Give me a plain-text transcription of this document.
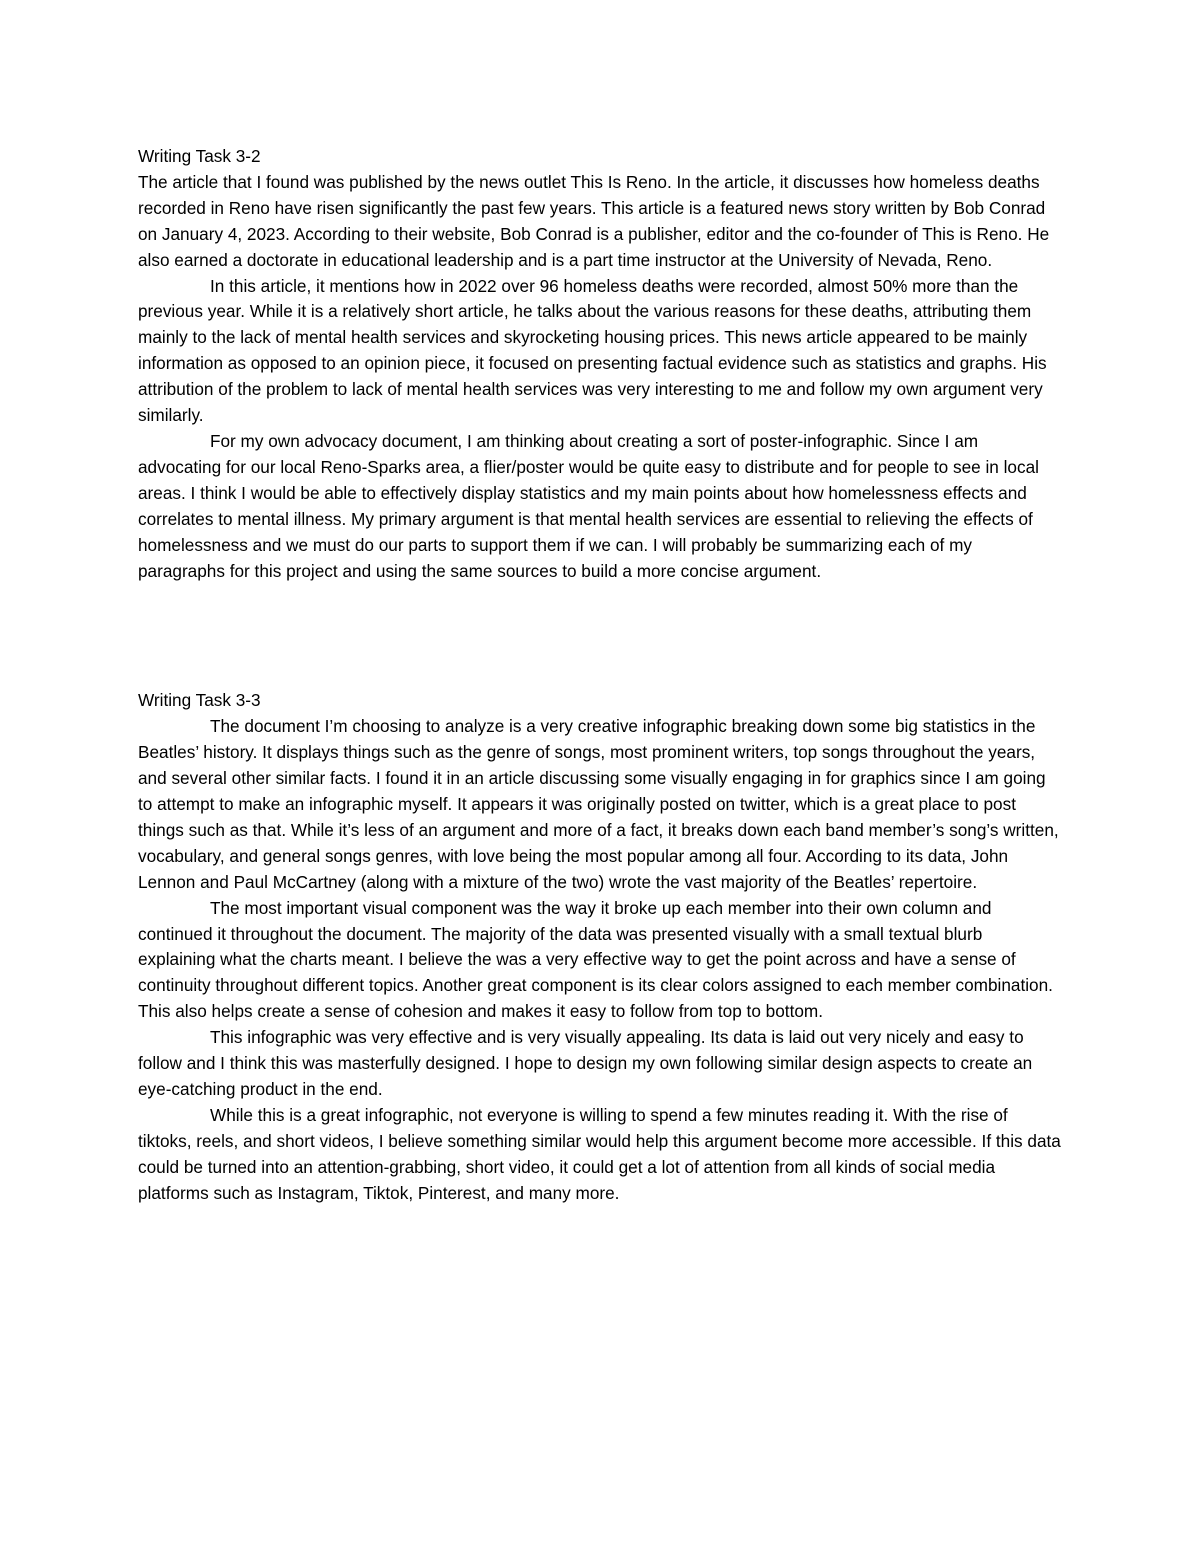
Writing Task 3-2

The article that I found was published by the news outlet This Is Reno. In the article, it discusses how homeless deaths recorded in Reno have risen significantly the past few years. This article is a featured news story written by Bob Conrad on January 4, 2023. According to their website, Bob Conrad is a publisher, editor and the co-founder of This is Reno. He also earned a doctorate in educational leadership and is a part time instructor at the University of Nevada, Reno.

In this article, it mentions how in 2022 over 96 homeless deaths were recorded, almost 50% more than the previous year. While it is a relatively short article, he talks about the various reasons for these deaths, attributing them mainly to the lack of mental health services and skyrocketing housing prices. This news article appeared to be mainly information as opposed to an opinion piece, it focused on presenting factual evidence such as statistics and graphs. His attribution of the problem to lack of mental health services was very interesting to me and follow my own argument very similarly.

For my own advocacy document, I am thinking about creating a sort of poster-infographic. Since I am advocating for our local Reno-Sparks area, a flier/poster would be quite easy to distribute and for people to see in local areas. I think I would be able to effectively display statistics and my main points about how homelessness effects and correlates to mental illness. My primary argument is that mental health services are essential to relieving the effects of homelessness and we must do our parts to support them if we can. I will probably be summarizing each of my paragraphs for this project and using the same sources to build a more concise argument.

Writing Task 3-3

The document I’m choosing to analyze is a very creative infographic breaking down some big statistics in the Beatles’ history. It displays things such as the genre of songs, most prominent writers, top songs throughout the years, and several other similar facts. I found it in an article discussing some visually engaging in for graphics since I am going to attempt to make an infographic myself. It appears it was originally posted on twitter, which is a great place to post things such as that. While it’s less of an argument and more of a fact, it breaks down each band member’s song’s written, vocabulary, and general songs genres, with love being the most popular among all four. According to its data, John Lennon and Paul McCartney (along with a mixture of the two) wrote the vast majority of the Beatles’ repertoire.

The most important visual component was the way it broke up each member into their own column and continued it throughout the document. The majority of the data was presented visually with a small textual blurb explaining what the charts meant. I believe the was a very effective way to get the point across and have a sense of continuity throughout different topics. Another great component is its clear colors assigned to each member combination. This also helps create a sense of cohesion and makes it easy to follow from top to bottom.

This infographic was very effective and is very visually appealing. Its data is laid out very nicely and easy to follow and I think this was masterfully designed. I hope to design my own following similar design aspects to create an eye-catching product in the end.

While this is a great infographic, not everyone is willing to spend a few minutes reading it. With the rise of tiktoks, reels, and short videos, I believe something similar would help this argument become more accessible. If this data could be turned into an attention-grabbing, short video, it could get a lot of attention from all kinds of social media platforms such as Instagram, Tiktok, Pinterest, and many more.
